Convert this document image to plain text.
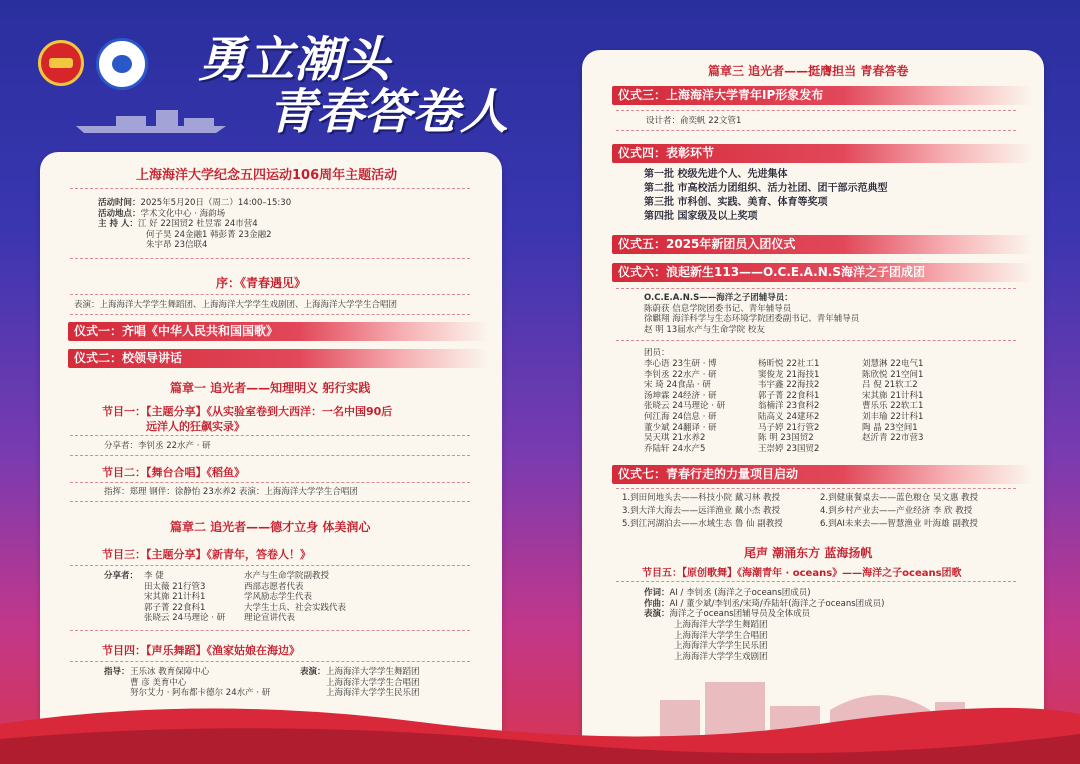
勇立潮头
青春答卷人
上海海洋大学纪念五四运动106周年主题活动
活动时间：2025年5月20日（周二）14:00–15:30
活动地点：学术文化中心 · 海韵场
主 持 人：江 好 22国贸2 杜昱霏 24市营4
何子昊 24金融1 韩彭菁 23金融2
朱宇昂 23信联4
序：《青春遇见》
表演：上海海洋大学学生舞蹈团、上海海洋大学学生戏剧团、上海海洋大学学生合唱团
仪式一：齐唱《中华人民共和国国歌》
仪式二：校领导讲话
篇章一 追光者——知理明义 躬行实践
节目一：【主题分享】《从实验室卷到大西洋：一名中国90后
远洋人的狂飙实录》
分享者：李钊丞 22水产 · 研
节目二：【舞台合唱】《稻鱼》
指挥：郑理 钢伴：徐静怡 23水养2 表演：上海海洋大学学生合唱团
篇章二 追光者——德才立身 体美润心
节目三：【主题分享】《新青年，答卷人！》
分享者： 李 倢
田太薇 21行管3
宋其旆 21计科1
郭子菁 22食科1
张晓云 24马理论 · 研
水产与生命学院副教授
西部志愿者代表
学风励志学生代表
大学生士兵、社会实践代表
理论宣讲代表
节目四：【声乐舞蹈】《渔家姑娘在海边》
指导： 王乐冰 教育保障中心
曹 彦 美育中心
努尔艾力 · 阿布都卡德尔 24水产 · 研
表演： 上海海洋大学学生舞蹈团
上海海洋大学学生合唱团
上海海洋大学学生民乐团
篇章三 追光者——挺膺担当 青春答卷
仪式三：上海海洋大学青年IP形象发布
设计者：俞奕帆 22文管1
仪式四：表彰环节
第一批 校级先进个人、先进集体
第二批 市高校活力团组织、活力社团、团干部示范典型
第三批 市科创、实践、美育、体育等奖项
第四批 国家级及以上奖项
仪式五：2025年新团员入团仪式
仪式六：浪起新生113——O.C.E.A.N.S海洋之子团成团
O.C.E.A.N.S——海洋之子团辅导员：
陈蔚获 信息学院团委书记、青年辅导员
徐麒翔 海洋科学与生态环境学院团委副书记、青年辅导员
赵 明 13届水产与生命学院 校友
团员：
李心语 23生研 · 博
李钊丞 22水产 · 研
宋 琦 24食品 · 研
汤坤霖 24经济 · 研
张晓云 24马理论 · 研
何江海 24信息 · 研
董少斌 24翻译 · 研
吴天琪 21水养2
乔陆轩 24水产5
杨昕悦 22社工1
窦俊龙 21海技1
韦宇鑫 22海技2
郭子菁 22食科1
翁楠洋 23食科2
陆高义 24建环2
马子婷 21行管2
陈 明 23国贸2
王崇婷 23国贸2
刘慧淋 22电气1
陈欣悦 21空间1
吕 倪 21软工2
宋其旆 21计科1
曹乐乐 22软工1
刘丰瑜 22计科1
陶 晶 23空间1
赵沂青 22市营3
仪式七：青春行走的力量项目启动
1.到田间地头去——科技小院 戴习林 教授
3.到大洋大海去——远洋渔业 戴小杰 教授
5.到江河湖泊去——水域生态 鲁 仙 副教授
2.到健康餐桌去——蓝色粮仓 吴文惠 教授
4.到乡村产业去——产业经济 李 欣 教授
6.到AI未来去——智慧渔业 叶海雄 副教授
尾声 潮涌东方 蓝海扬帆
节目五：【原创歌舞】《海潮青年 · oceans》——海洋之子oceans团歌
作词：AI / 李钊丞 (海洋之子oceans团成员)
作曲：AI / 董少斌/李钊丞/宋琦/乔陆轩(海洋之子oceans团成员)
表演：海洋之子oceans团辅导员及全体成员
上海海洋大学学生舞蹈团
上海海洋大学学生合唱团
上海海洋大学学生民乐团
上海海洋大学学生戏剧团
